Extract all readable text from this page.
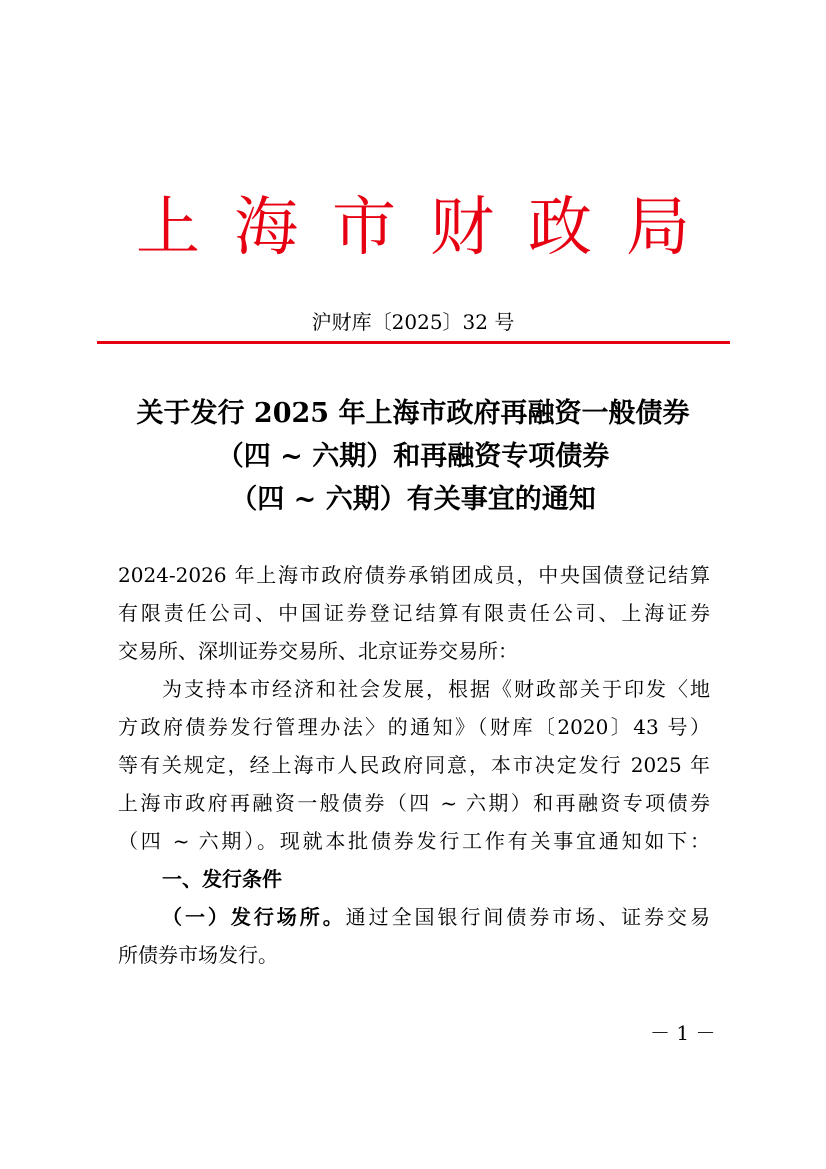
上海市财政局
沪财库〔2025〕32 号
关于发行 2025 年上海市政府再融资一般债券
（四 ~ 六期）和再融资专项债券
（四 ~ 六期）有关事宜的通知
2024-2026 年上海市政府债券承销团成员，中央国债登记结算
有限责任公司、中国证券登记结算有限责任公司、上海证券
交易所、深圳证券交易所、北京证券交易所：
为支持本市经济和社会发展，根据《财政部关于印发〈地
方政府债券发行管理办法〉的通知》（财库〔2020〕43 号）
等有关规定，经上海市人民政府同意，本市决定发行 2025 年
上海市政府再融资一般债券（四 ~ 六期）和再融资专项债券
（四 ~ 六期）。现就本批债券发行工作有关事宜通知如下：
一、发行条件
（一）发行场所。通过全国银行间债券市场、证券交易
所债券市场发行。
－ 1 －
